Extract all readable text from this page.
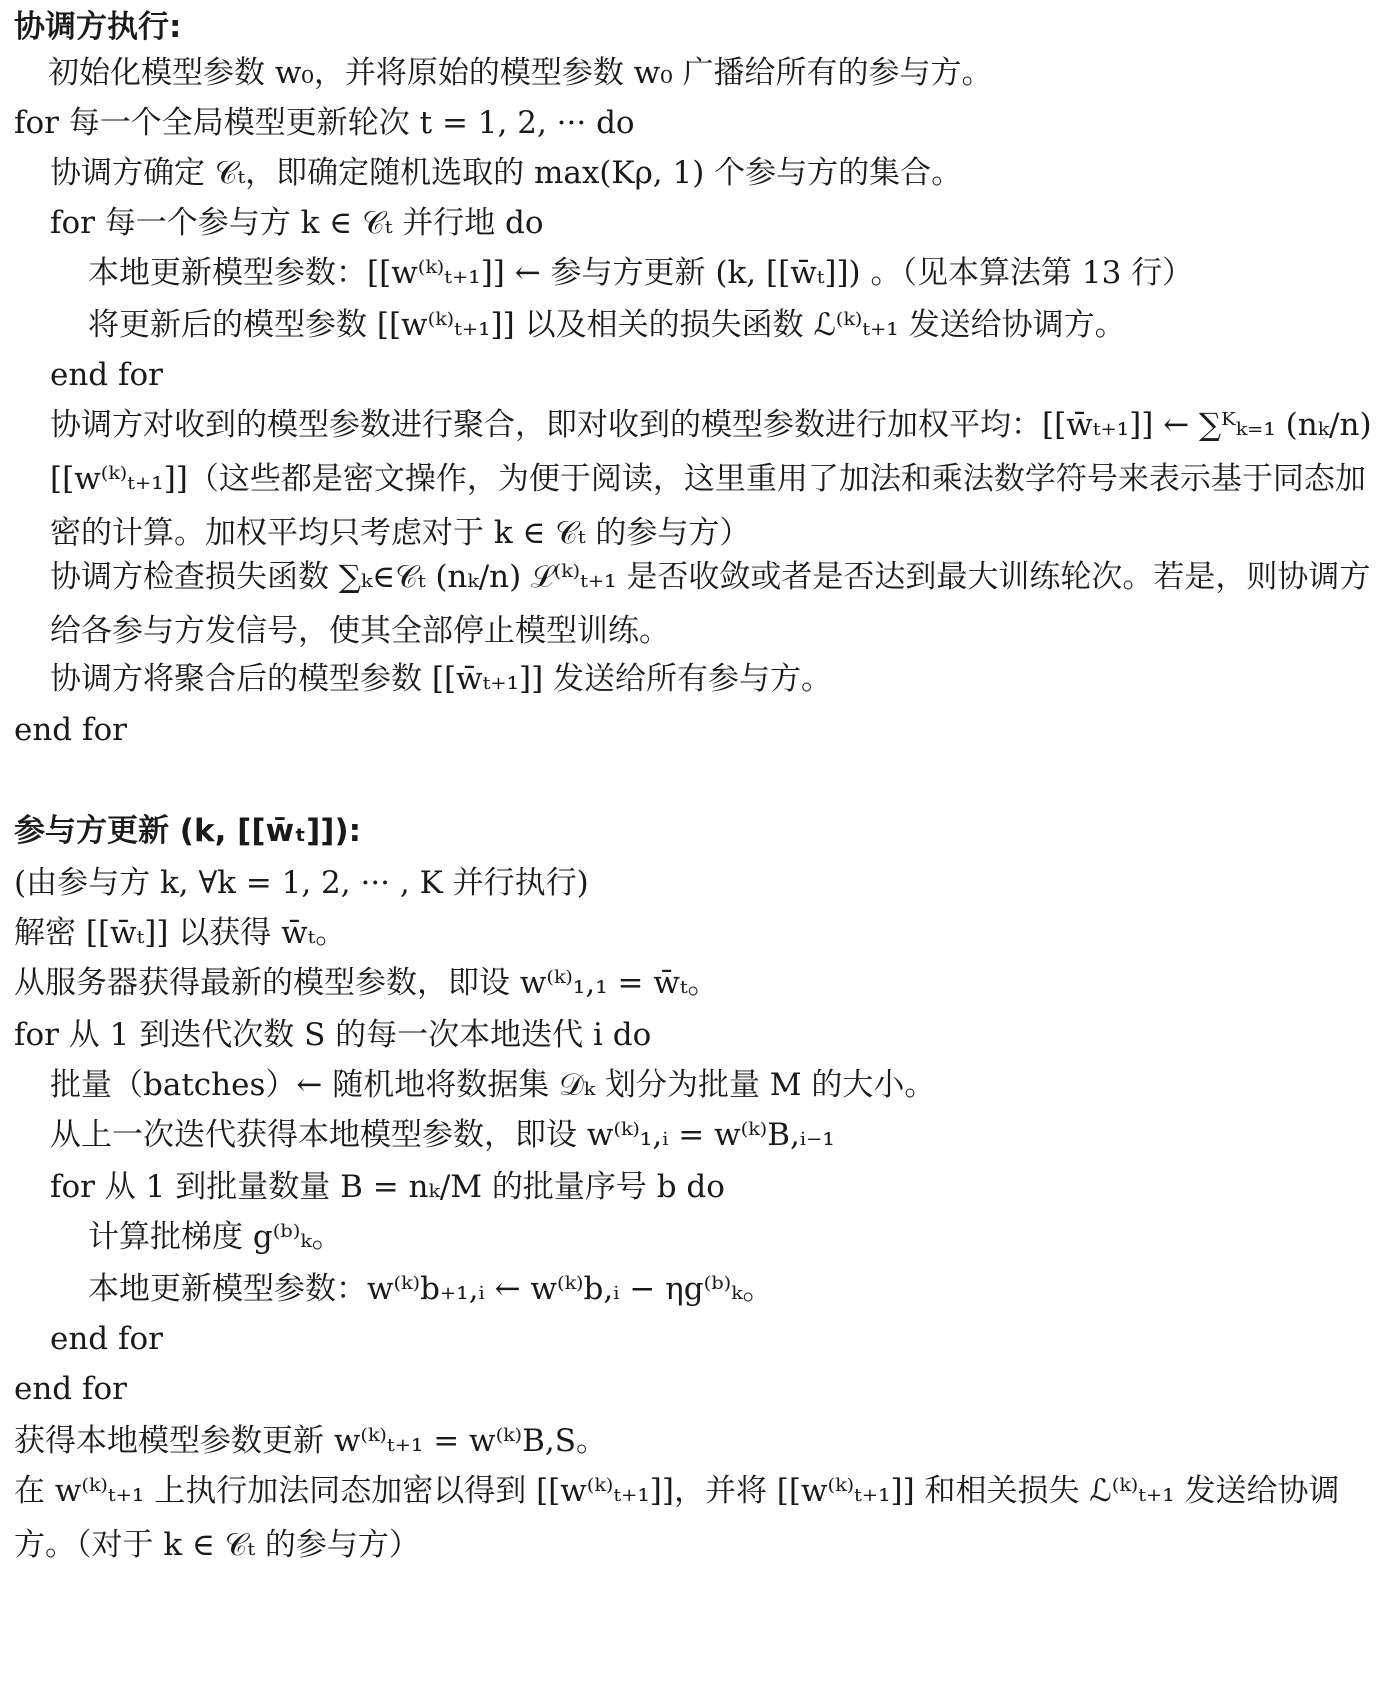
协调方执行:
初始化模型参数 w₀，并将原始的模型参数 w₀ 广播给所有的参与方。
for 每一个全局模型更新轮次 t = 1, 2, ··· do
协调方确定 𝒞ₜ，即确定随机选取的 max(Kρ, 1) 个参与方的集合。
for 每一个参与方 k ∈ 𝒞ₜ 并行地 do
本地更新模型参数：[[w⁽ᵏ⁾ₜ₊₁]] ← 参与方更新 (k, [[w̄ₜ]]) 。（见本算法第 13 行）
将更新后的模型参数 [[w⁽ᵏ⁾ₜ₊₁]] 以及相关的损失函数 ℒ⁽ᵏ⁾ₜ₊₁ 发送给协调方。
end for
协调方对收到的模型参数进行聚合，即对收到的模型参数进行加权平均：[[w̄ₜ₊₁]] ← ∑ᴷₖ₌₁ (nₖ/n) [[w⁽ᵏ⁾ₜ₊₁]]（这些都是密文操作，为便于阅读，这里重用了加法和乘法数学符号来表示基于同态加密的计算。加权平均只考虑对于 k ∈ 𝒞ₜ 的参与方）
协调方检查损失函数 ∑ₖ∈𝒞ₜ (nₖ/n) ℒ⁽ᵏ⁾ₜ₊₁ 是否收敛或者是否达到最大训练轮次。若是，则协调方给各参与方发信号，使其全部停止模型训练。
协调方将聚合后的模型参数 [[w̄ₜ₊₁]] 发送给所有参与方。
end for
参与方更新 (k, [[w̄ₜ]]):
(由参与方 k, ∀k = 1, 2, ··· , K 并行执行)
解密 [[w̄ₜ]] 以获得 w̄ₜ。
从服务器获得最新的模型参数，即设 w⁽ᵏ⁾₁,₁ = w̄ₜ。
for 从 1 到迭代次数 S 的每一次本地迭代 i do
批量（batches）← 随机地将数据集 𝒟ₖ 划分为批量 M 的大小。
从上一次迭代获得本地模型参数，即设 w⁽ᵏ⁾₁,ᵢ = w⁽ᵏ⁾B,ᵢ₋₁
for 从 1 到批量数量 B = nₖ/M 的批量序号 b do
计算批梯度 g⁽ᵇ⁾ₖ。
本地更新模型参数：w⁽ᵏ⁾b₊₁,ᵢ ← w⁽ᵏ⁾b,ᵢ − ηg⁽ᵇ⁾ₖ。
end for
end for
获得本地模型参数更新 w⁽ᵏ⁾ₜ₊₁ = w⁽ᵏ⁾B,S。
在 w⁽ᵏ⁾ₜ₊₁ 上执行加法同态加密以得到 [[w⁽ᵏ⁾ₜ₊₁]]，并将 [[w⁽ᵏ⁾ₜ₊₁]] 和相关损失 ℒ⁽ᵏ⁾ₜ₊₁ 发送给协调方。（对于 k ∈ 𝒞ₜ 的参与方）
